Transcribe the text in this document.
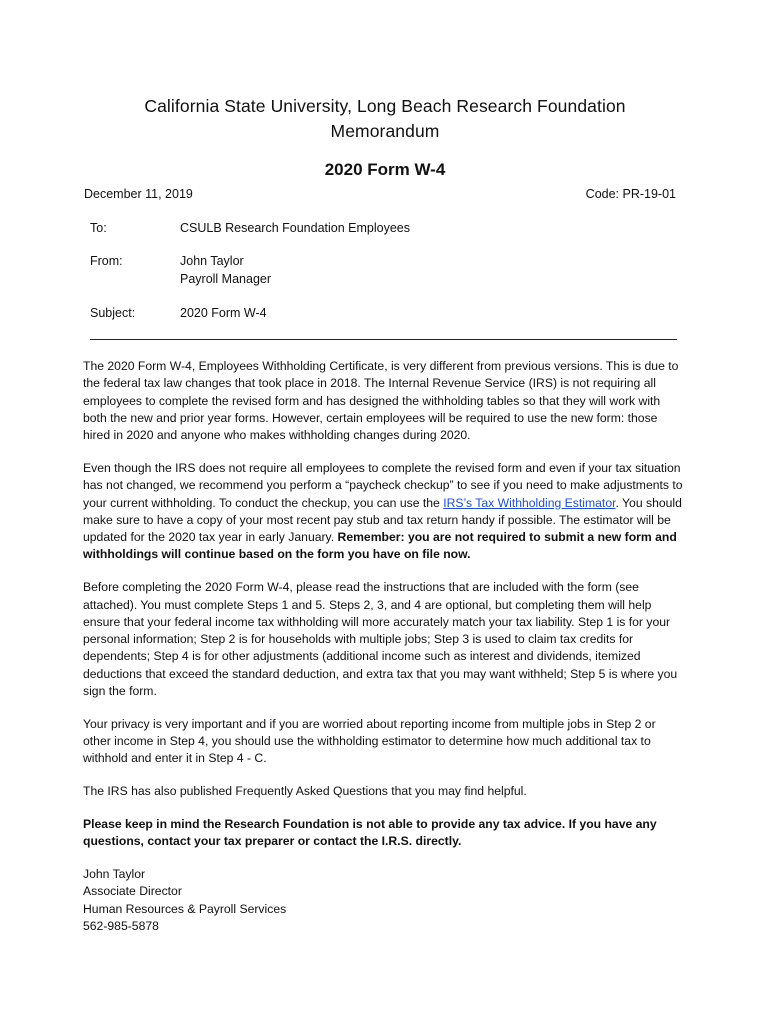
California State University, Long Beach Research Foundation
Memorandum
2020 Form W-4
December 11, 2019	Code: PR-19-01
To:	CSULB Research Foundation Employees
From:	John Taylor
Payroll Manager
Subject:	2020 Form W-4

The 2020 Form W-4, Employees Withholding Certificate, is very different from previous versions. This is due to the federal tax law changes that took place in 2018. The Internal Revenue Service (IRS) is not requiring all employees to complete the revised form and has designed the withholding tables so that they will work with both the new and prior year forms. However, certain employees will be required to use the new form: those hired in 2020 and anyone who makes withholding changes during 2020.

Even though the IRS does not require all employees to complete the revised form and even if your tax situation has not changed, we recommend you perform a “paycheck checkup” to see if you need to make adjustments to your current withholding. To conduct the checkup, you can use the IRS’s Tax Withholding Estimator. You should make sure to have a copy of your most recent pay stub and tax return handy if possible. The estimator will be updated for the 2020 tax year in early January. Remember: you are not required to submit a new form and withholdings will continue based on the form you have on file now.

Before completing the 2020 Form W-4, please read the instructions that are included with the form (see attached). You must complete Steps 1 and 5. Steps 2, 3, and 4 are optional, but completing them will help ensure that your federal income tax withholding will more accurately match your tax liability. Step 1 is for your personal information; Step 2 is for households with multiple jobs; Step 3 is used to claim tax credits for dependents; Step 4 is for other adjustments (additional income such as interest and dividends, itemized deductions that exceed the standard deduction, and extra tax that you may want withheld; Step 5 is where you sign the form.

Your privacy is very important and if you are worried about reporting income from multiple jobs in Step 2 or other income in Step 4, you should use the withholding estimator to determine how much additional tax to withhold and enter it in Step 4 - C.

The IRS has also published Frequently Asked Questions that you may find helpful.

Please keep in mind the Research Foundation is not able to provide any tax advice. If you have any questions, contact your tax preparer or contact the I.R.S. directly.

John Taylor
Associate Director
Human Resources & Payroll Services
562-985-5878
